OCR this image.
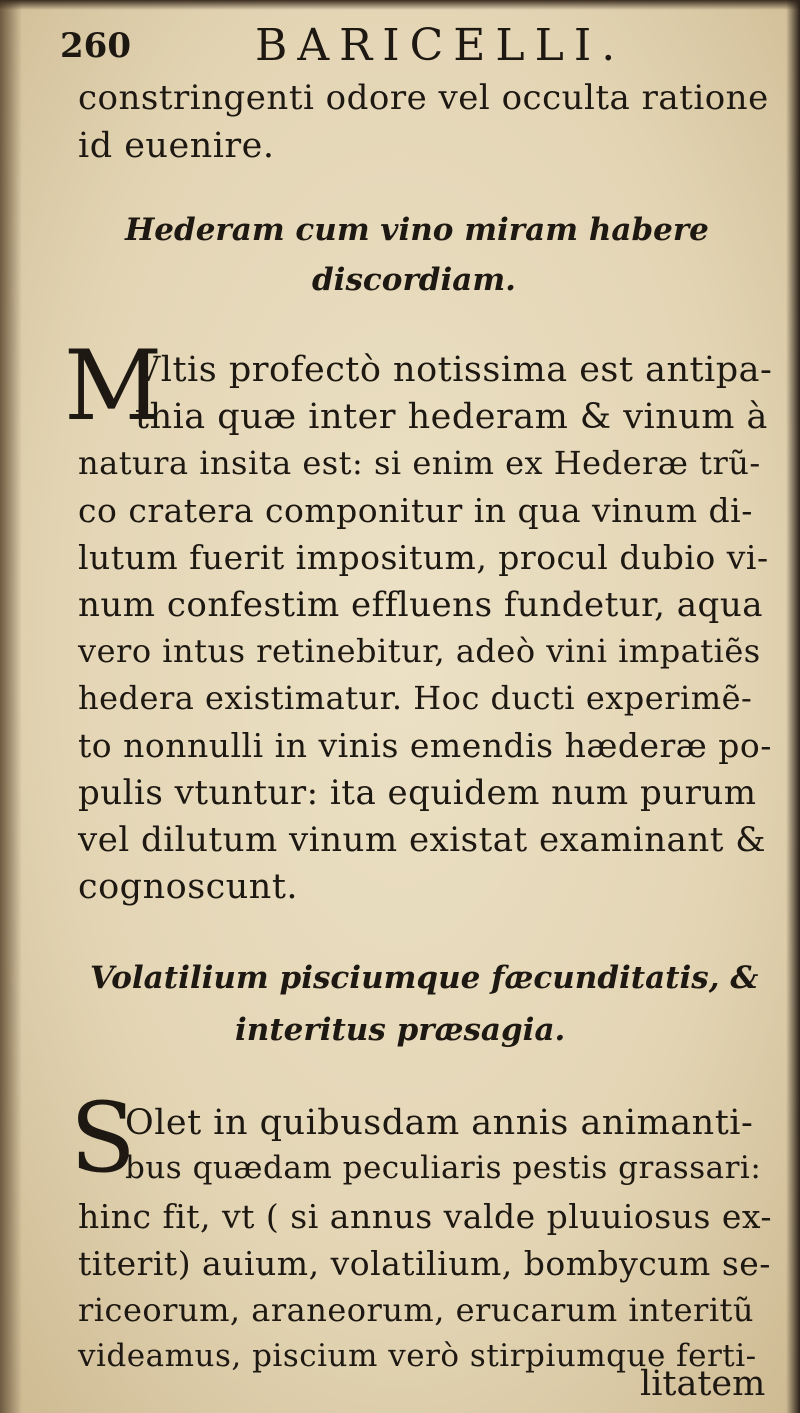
260	BARICELLI.
constringenti odore vel occulta ratione
id euenire.
Hederam cum vino miram habere
discordiam.
M
Vltis profectò notissima est antipa-
thia quæ inter hederam & vinum à
natura insita est: si enim ex Hederæ trũ-
co cratera componitur in qua vinum di-
lutum fuerit impositum, procul dubio vi-
num confestim effluens fundetur, aqua
vero intus retinebitur, adeò vini impatiẽs
hedera existimatur. Hoc ducti experimẽ-
to nonnulli in vinis emendis hæderæ po-
pulis vtuntur: ita equidem num purum
vel dilutum vinum existat examinant &
cognoscunt.
Volatilium pisciumque fæcunditatis, &
interitus præsagia.
S
Olet in quibusdam annis animanti-
bus quædam peculiaris pestis grassari:
hinc fit, vt ( si annus valde pluuiosus ex-
titerit) auium, volatilium, bombycum se-
riceorum, araneorum, erucarum interitũ
videamus, piscium verò stirpiumque ferti-
litatem
